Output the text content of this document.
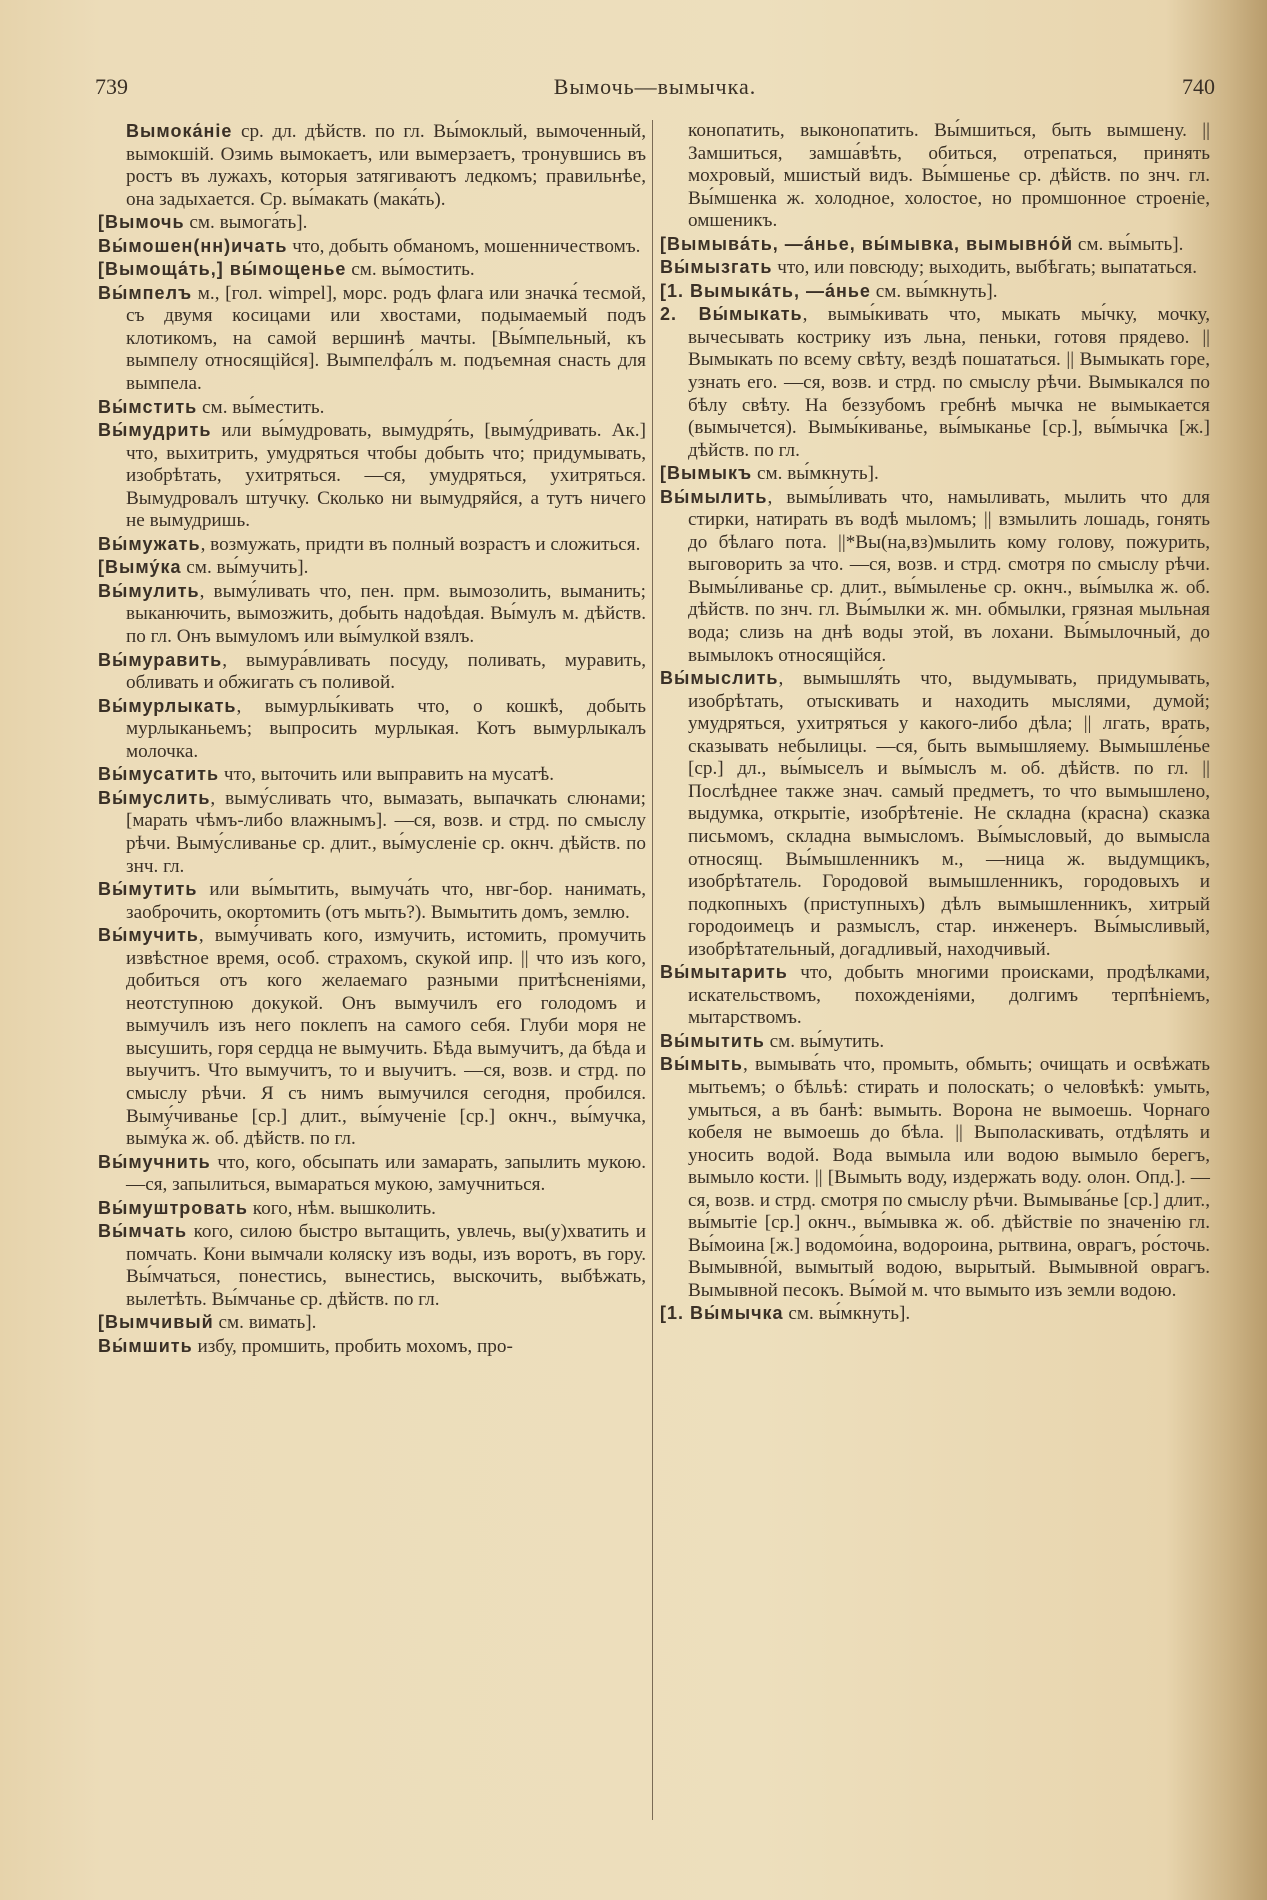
739	Вымочь—вымычка.	740

Вымока́ніе ср. дл. дѣйств. по гл. Вы́моклый, вымоченный, вымокшій. Озимь вымокаетъ, или вымерзаетъ, тронувшись въ ростъ въ лужахъ, которыя затягиваютъ ледкомъ; правильнѣе, она задыхается. Ср. вы́макать (мака́ть).

[Вымочь см. вымога́ть].

Вы́мошен(нн)ичать что, добыть обманомъ, мошенничествомъ.

[Вымоща́ть,] вы́мощенье см. вы́мостить.

Вы́мпелъ м., [гол. wimpel], морс. родъ флага или значка́ тесмой, съ двумя косицами или хвостами, подымаемый подъ клотикомъ, на самой вершинѣ мачты. [Вы́мпельный, къ вымпелу относящійся]. Вымпелфа́лъ м. подъемная снасть для вымпела.

Вы́мстить см. вы́местить.

Вы́мудрить или вы́мудровать, вымудря́ть, [выму́дривать. Ак.] что, выхитрить, умудряться чтобы добыть что; придумывать, изобрѣтать, ухитряться. —ся, умудряться, ухитряться. Вымудровалъ штучку. Сколько ни вымудряйся, а тутъ ничего не вымудришь.

Вы́мужать, возмужать, придти въ полный возрастъ и сложиться.

[Выму́ка см. вы́мучить].

Вы́мулить, выму́ливать что, пен. прм. вымозолить, выманить; выканючить, вымозжить, добыть надоѣдая. Вы́мулъ м. дѣйств. по гл. Онъ вымуломъ или вы́мулкой взялъ.

Вы́муравить, вымура́вливать посуду, поливать, муравить, обливать и обжигать съ поливой.

Вы́мурлыкать, вымурлы́кивать что, о кошкѣ, добыть мурлыканьемъ; выпросить мурлыкая. Котъ вымурлыкалъ молочка.

Вы́мусатить что, выточить или выправить на мусатѣ.

Вы́муслить, выму́сливать что, вымазать, выпачкать слюнами; [марать чѣмъ-либо влажнымъ]. —ся, возв. и стрд. по смыслу рѣчи. Выму́сливанье ср. длит., вы́мусленіе ср. окнч. дѣйств. по знч. гл.

Вы́мутить или вы́мытить, вымуча́ть что, нвг-бор. нанимать, заоброчить, окортомить (отъ мыть?). Вымытить домъ, землю.

Вы́мучить, выму́чивать кого, измучить, истомить, промучить извѣстное время, особ. страхомъ, скукой ипр. || что изъ кого, добиться отъ кого желаемаго разными притѣсненіями, неотступною докукой. Онъ вымучилъ его голодомъ и вымучилъ изъ него поклепъ на самого себя. Глуби моря не высушить, горя сердца не вымучить. Бѣда вымучитъ, да бѣда и выучитъ. Что вымучитъ, то и выучитъ. —ся, возв. и стрд. по смыслу рѣчи. Я съ нимъ вымучился сегодня, пробился. Выму́чиванье [ср.] длит., вы́мученіе [ср.] окнч., вы́мучка, выму́ка ж. об. дѣйств. по гл.

Вы́мучнить что, кого, обсыпать или замарать, запылить мукою. —ся, запылиться, вымараться мукою, замучниться.

Вы́муштровать кого, нѣм. вышколить.

Вы́мчать кого, силою быстро вытащить, увлечь, вы(у)хватить и помчать. Кони вымчали коляску изъ воды, изъ воротъ, въ гору. Вы́мчаться, понестись, вынестись, выскочить, выбѣжать, вылетѣть. Вы́мчанье ср. дѣйств. по гл.

[Вымчивый см. вимать].

Вы́мшить избу, промшить, пробить мохомъ, про-

конопатить, выконопатить. Вы́мшиться, быть вымшену. || Замшиться, замша́вѣть, обиться, отрепаться, принять мохровый, мшистый видъ. Вы́мшенье ср. дѣйств. по знч. гл. Вы́мшенка ж. холодное, холостое, но промшонное строеніе, омшеникъ.

[Вымыва́ть, —а́нье, вы́мывка, вымывно́й см. вы́мыть].

Вы́мызгать что, или повсюду; выходить, выбѣгать; выпататься.

[1. Вымыка́ть, —а́нье см. вы́мкнуть].

2. Вы́мыкать, вымы́кивать что, мыкать мы́чку, мочку, вычесывать кострику изъ льна, пеньки, готовя прядево. || Вымыкать по всему свѣту, вездѣ пошататься. || Вымыкать горе, узнать его. —ся, возв. и стрд. по смыслу рѣчи. Вымыкался по бѣлу свѣту. На беззубомъ гребнѣ мычка не вымыкается (вымычется). Вымы́киванье, вы́мыканье [ср.], вы́мычка [ж.] дѣйств. по гл.

[Вымыкъ см. вы́мкнуть].

Вы́мылить, вымы́ливать что, намыливать, мылить что для стирки, натирать въ водѣ мыломъ; || взмылить лошадь, гонять до бѣлаго пота. ||*Вы(на,вз)мылить кому голову, пожурить, выговорить за что. —ся, возв. и стрд. смотря по смыслу рѣчи. Вымы́ливанье ср. длит., вы́мыленье ср. окнч., вы́мылка ж. об. дѣйств. по знч. гл. Вы́мылки ж. мн. обмылки, грязная мыльная вода; слизь на днѣ воды этой, въ лохани. Вы́мылочный, до вымылокъ относящійся.

Вы́мыслить, вымышля́ть что, выдумывать, придумывать, изобрѣтать, отыскивать и находить мыслями, думой; умудряться, ухитряться у какого-либо дѣла; || лгать, врать, сказывать небылицы. —ся, быть вымышляему. Вымышле́нье [ср.] дл., вы́мыселъ и вы́мыслъ м. об. дѣйств. по гл. || Послѣднее также знач. самый предметъ, то что вымышлено, выдумка, открытіе, изобрѣтеніе. Не складна (красна) сказка письмомъ, складна вымысломъ. Вы́мысловый, до вымысла относящ. Вы́мышленникъ м., —ница ж. выдумщикъ, изобрѣтатель. Городовой вымышленникъ, городовыхъ и подкопныхъ (приступныхъ) дѣлъ вымышленникъ, хитрый городоимецъ и размыслъ, стар. инженеръ. Вы́мысливый, изобрѣтательный, догадливый, находчивый.

Вы́мытарить что, добыть многими происками, продѣлками, искательствомъ, похожденіями, долгимъ терпѣніемъ, мытарствомъ.

Вы́мытить см. вы́мутить.

Вы́мыть, вымыва́ть что, промыть, обмыть; очищать и освѣжать мытьемъ; о бѣльѣ: стирать и полоскать; о человѣкѣ: умыть, умыться, а въ банѣ: вымыть. Ворона не вымоешь. Чорнаго кобеля не вымоешь до бѣла. || Выполаскивать, отдѣлять и уносить водой. Вода вымыла или водою вымыло берегъ, вымыло кости. || [Вымыть воду, издержать воду. олон. Опд.]. —ся, возв. и стрд. смотря по смыслу рѣчи. Вымыва́нье [ср.] длит., вы́мытіе [ср.] окнч., вы́мывка ж. об. дѣйствіе по значенію гл. Вы́моина [ж.] водомо́ина, водороина, рытвина, оврагъ, ро́сточь. Вымывно́й, вымытый водою, вырытый. Вымывной оврагъ. Вымывной песокъ. Вы́мой м. что вымыто изъ земли водою.

[1. Вы́мычка см. вы́мкнуть].
